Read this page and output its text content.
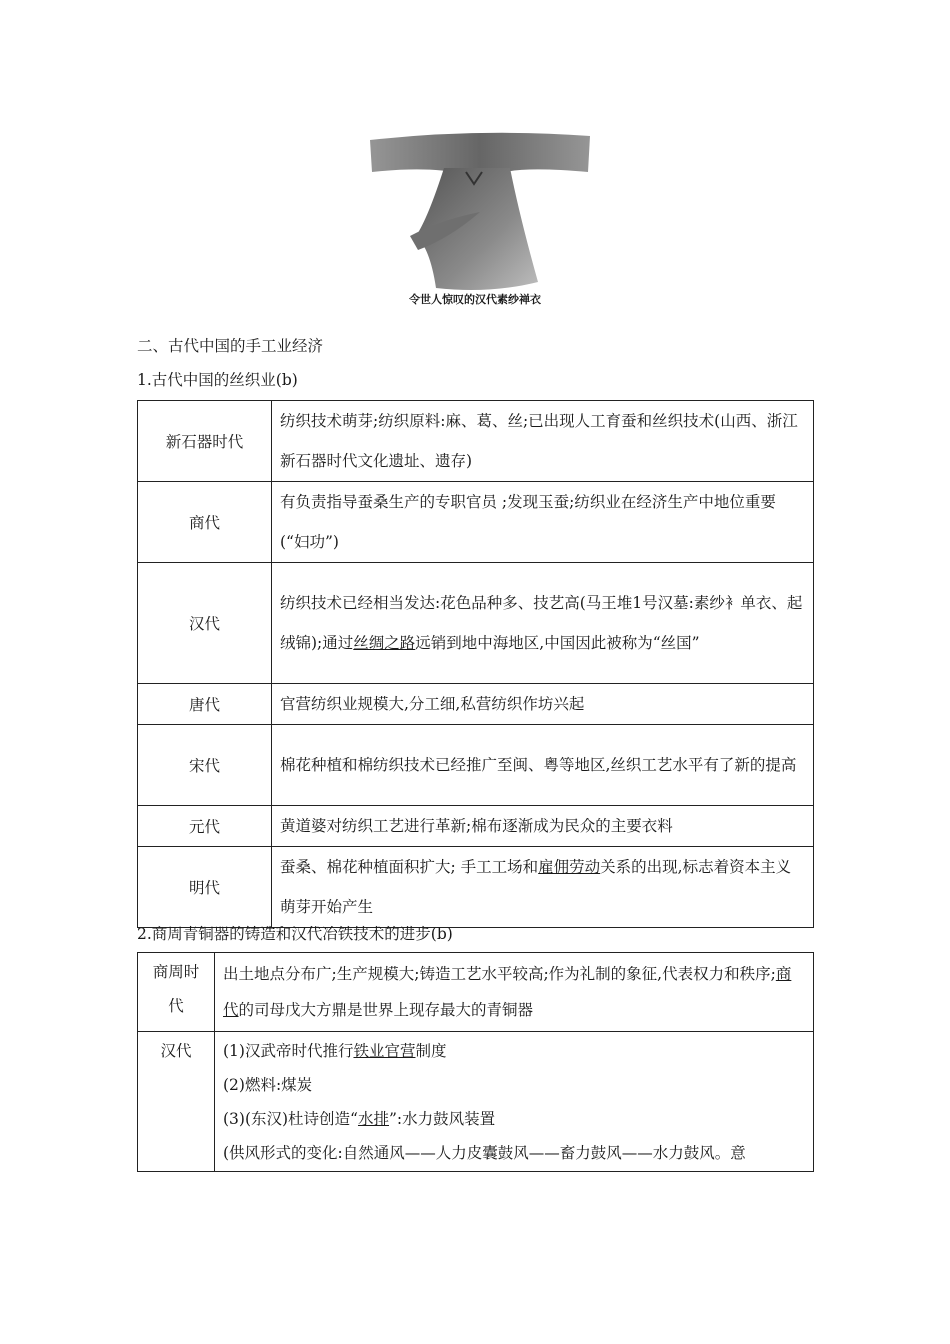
令世人惊叹的汉代素纱禅衣
二、古代中国的手工业经济
1.古代中国的丝织业(b)
新石器时代	纺织技术萌芽;纺织原料:麻、葛、丝;已出现人工育蚕和丝织技术(山西、浙江新石器时代文化遗址、遗存)
商代	有负责指导蚕桑生产的专职官员 ;发现玉蚕;纺织业在经济生产中地位重要(“妇功”)
汉代	纺织技术已经相当发达:花色品种多、技艺高(马王堆1号汉墓:素纱衤单衣、起绒锦);通过丝绸之路远销到地中海地区,中国因此被称为“丝国”
唐代	官营纺织业规模大,分工细,私营纺织作坊兴起
宋代	棉花种植和棉纺织技术已经推广至闽、粤等地区,丝织工艺水平有了新的提高
元代	黄道婆对纺织工艺进行革新;棉布逐渐成为民众的主要衣料
明代	蚕桑、棉花种植面积扩大; 手工工场和雇佣劳动关系的出现,标志着资本主义萌芽开始产生
2.商周青铜器的铸造和汉代冶铁技术的进步(b)
商周时代	出土地点分布广;生产规模大;铸造工艺水平较高;作为礼制的象征,代表权力和秩序;商代的司母戊大方鼎是世界上现存最大的青铜器
汉代	(1)汉武帝时代推行铁业官营制度
(2)燃料:煤炭
(3)(东汉)杜诗创造“水排”:水力鼓风装置
(供风形式的变化:自然通风——人力皮囊鼓风——畜力鼓风——水力鼓风。意
